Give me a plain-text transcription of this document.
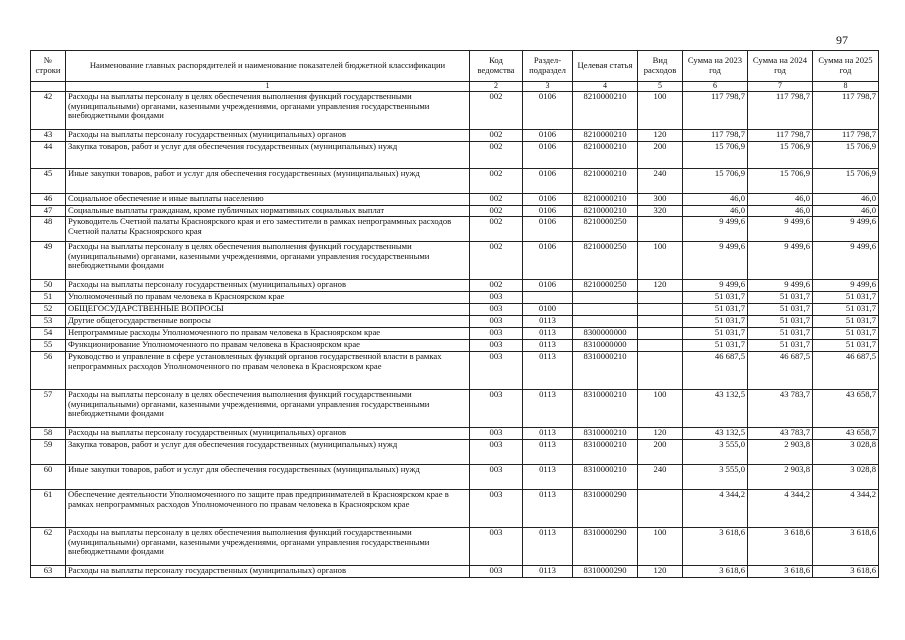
97
№ строки	Наименование главных распорядителей и наименование показателей бюджетной классификации	Код ведомства	Раздел- подраздел	Целевая статья	Вид расходов	Сумма на 2023 год	Сумма на 2024 год	Сумма на 2025 год
	1	2	3	4	5	6	7	8
42	Расходы на выплаты персоналу в целях обеспечения выполнения функций государственными (муниципальными) органами, казенными учреждениями, органами управления государственными внебюджетными фондами	002	0106	8210000210	100	117 798,7	117 798,7	117 798,7
43	Расходы на выплаты персоналу государственных (муниципальных) органов	002	0106	8210000210	120	117 798,7	117 798,7	117 798,7
44	Закупка товаров, работ и услуг для обеспечения государственных (муниципальных) нужд	002	0106	8210000210	200	15 706,9	15 706,9	15 706,9
45	Иные закупки товаров, работ и услуг для обеспечения государственных (муниципальных) нужд	002	0106	8210000210	240	15 706,9	15 706,9	15 706,9
46	Социальное обеспечение и иные выплаты населению	002	0106	8210000210	300	46,0	46,0	46,0
47	Социальные выплаты гражданам, кроме публичных нормативных социальных выплат	002	0106	8210000210	320	46,0	46,0	46,0
48	Руководитель Счетной палаты Красноярского края и его заместители в рамках непрограммных расходов Счетной палаты Красноярского края	002	0106	8210000250		9 499,6	9 499,6	9 499,6
49	Расходы на выплаты персоналу в целях обеспечения выполнения функций государственными (муниципальными) органами, казенными учреждениями, органами управления государственными внебюджетными фондами	002	0106	8210000250	100	9 499,6	9 499,6	9 499,6
50	Расходы на выплаты персоналу государственных (муниципальных) органов	002	0106	8210000250	120	9 499,6	9 499,6	9 499,6
51	Уполномоченный по правам человека в Красноярском крае	003				51 031,7	51 031,7	51 031,7
52	ОБЩЕГОСУДАРСТВЕННЫЕ ВОПРОСЫ	003	0100			51 031,7	51 031,7	51 031,7
53	Другие общегосударственные вопросы	003	0113			51 031,7	51 031,7	51 031,7
54	Непрограммные расходы Уполномоченного по правам человека в Красноярском крае	003	0113	8300000000		51 031,7	51 031,7	51 031,7
55	Функционирование Уполномоченного по правам человека в Красноярском крае	003	0113	8310000000		51 031,7	51 031,7	51 031,7
56	Руководство и управление в сфере установленных функций органов государственной власти в рамках непрограммных расходов Уполномоченного по правам человека в Красноярском крае	003	0113	8310000210		46 687,5	46 687,5	46 687,5
57	Расходы на выплаты персоналу в целях обеспечения выполнения функций государственными (муниципальными) органами, казенными учреждениями, органами управления государственными внебюджетными фондами	003	0113	8310000210	100	43 132,5	43 783,7	43 658,7
58	Расходы на выплаты персоналу государственных (муниципальных) органов	003	0113	8310000210	120	43 132,5	43 783,7	43 658,7
59	Закупка товаров, работ и услуг для обеспечения государственных (муниципальных) нужд	003	0113	8310000210	200	3 555,0	2 903,8	3 028,8
60	Иные закупки товаров, работ и услуг для обеспечения государственных (муниципальных) нужд	003	0113	8310000210	240	3 555,0	2 903,8	3 028,8
61	Обеспечение деятельности Уполномоченного по защите прав предпринимателей в Красноярском крае в рамках непрограммных расходов Уполномоченного по правам человека в Красноярском крае	003	0113	8310000290		4 344,2	4 344,2	4 344,2
62	Расходы на выплаты персоналу в целях обеспечения выполнения функций государственными (муниципальными) органами, казенными учреждениями, органами управления государственными внебюджетными фондами	003	0113	8310000290	100	3 618,6	3 618,6	3 618,6
63	Расходы на выплаты персоналу государственных (муниципальных) органов	003	0113	8310000290	120	3 618,6	3 618,6	3 618,6
